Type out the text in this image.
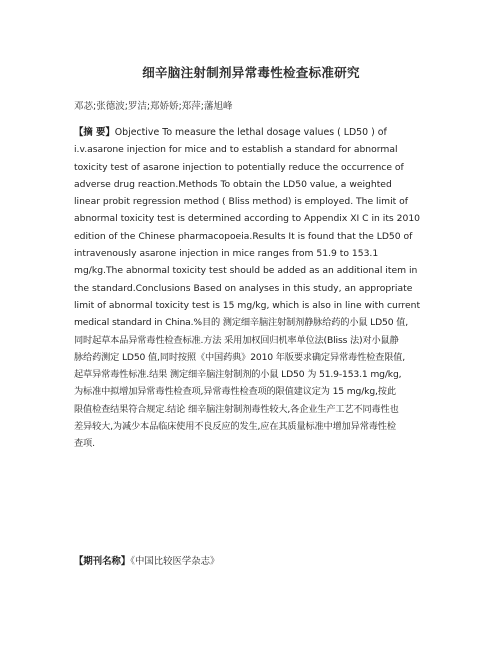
细辛脑注射制剂异常毒性检查标准研究
邓苾;张德波;罗洁;郑娇娇;郑萍;藩旭峰
【摘 要】Objective To measure the lethal dosage values ( LD50 ) of
i.v.asarone injection for mice and to establish a standard for abnormal
toxicity test of asarone injection to potentially reduce the occurrence of
adverse drug reaction.Methods To obtain the LD50 value, a weighted
linear probit regression method ( Bliss method) is employed. The limit of
abnormal toxicity test is determined according to Appendix XI C in its 2010
edition of the Chinese pharmacopoeia.Results It is found that the LD50 of
intravenously asarone injection in mice ranges from 51.9 to 153.1
mg/kg.The abnormal toxicity test should be added as an additional item in
the standard.Conclusions Based on analyses in this study, an appropriate
limit of abnormal toxicity test is 15 mg/kg, which is also in line with current
medical standard in China.%目的 测定细辛脑注射制剂静脉给药的小鼠 LD50 值,
同时起草本品异常毒性检查标准.方法 采用加权回归机率单位法(Bliss 法)对小鼠静
脉给药测定 LD50 值,同时按照《中国药典》2010 年版要求确定异常毒性检查限值,
起草异常毒性标准.结果 测定细辛脑注射制剂的小鼠 LD50 为 51.9-153.1 mg/kg,
为标准中拟增加异常毒性检查项,异常毒性检查项的限值建议定为 15 mg/kg,按此
限值检查结果符合规定.结论 细辛脑注射制剂毒性较大,各企业生产工艺不同毒性也
差异较大,为减少本品临床使用不良反应的发生,应在其质量标准中增加异常毒性检
查项.
【期刊名称】《中国比较医学杂志》
